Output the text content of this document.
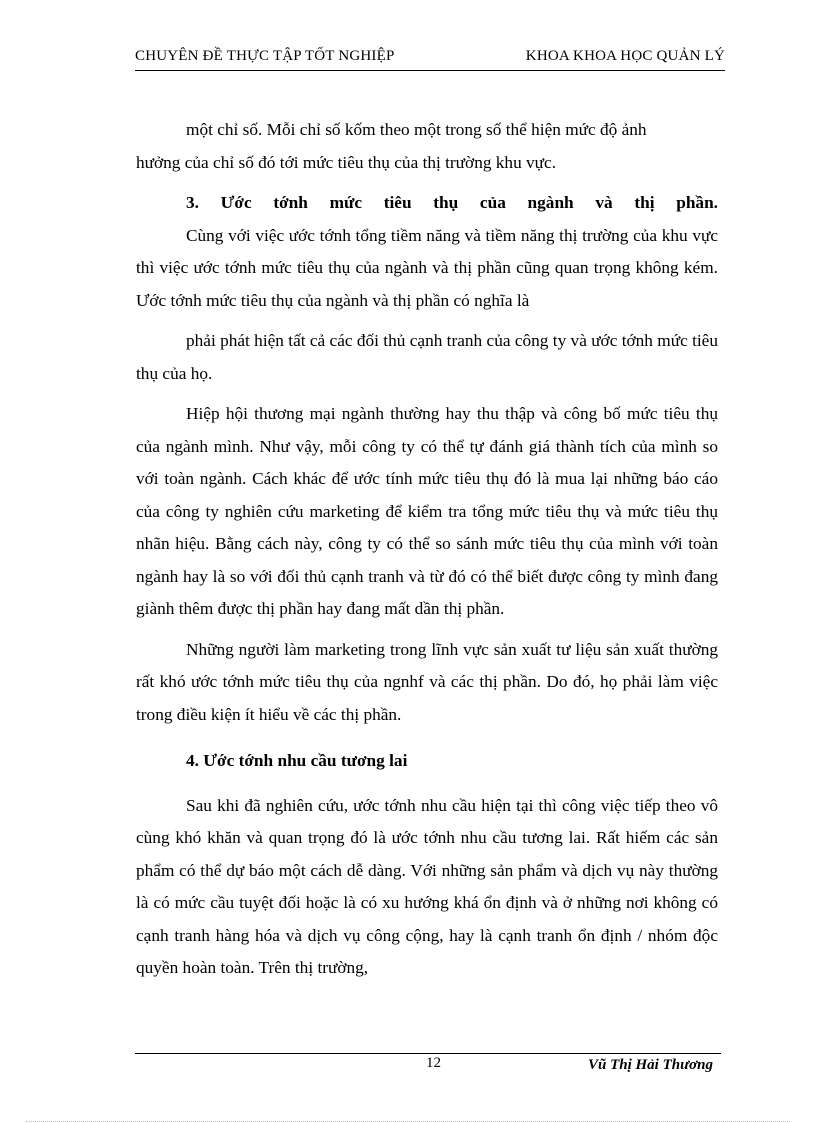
CHUYÊN ĐỀ THỰC TẬP TỐT NGHIỆP	KHOA KHOA HỌC QUẢN LÝ

một chỉ số. Mỗi chỉ số kốm theo một trong số thể hiện mức độ ảnh

hưởng của chỉ số đó tới mức tiêu thụ của thị trường khu vực.

3. Ước tớnh mức tiêu thụ của ngành và thị phần.

Cùng với việc ước tớnh tổng tiềm năng và tiềm năng thị trường của khu vực thì việc ước tớnh mức tiêu thụ của ngành và thị phần cũng quan trọng không kém. Ước tớnh mức tiêu thụ của ngành và thị phần có nghĩa là

phải phát hiện tất cả các đối thủ cạnh tranh của công ty và ước tớnh mức tiêu thụ của họ.

Hiệp hội thương mại ngành thường hay thu thập và công bố mức tiêu thụ của ngành mình. Như vậy, mỗi công ty có thể tự đánh giá thành tích của mình so với toàn ngành. Cách khác để ước tính mức tiêu thụ đó là mua lại những báo cáo của công ty nghiên cứu marketing để kiểm tra tổng mức tiêu thụ và mức tiêu thụ nhãn hiệu. Bằng cách này, công ty có thể so sánh mức tiêu thụ của mình với toàn ngành hay là so với đối thủ cạnh tranh và từ đó có thể biết được công ty mình đang giành thêm được thị phần hay đang mất dần thị phần.

Những người làm marketing trong lĩnh vực sản xuất tư liệu sản xuất thường rất khó ước tớnh mức tiêu thụ của ngnhf và các thị phần. Do đó, họ phải làm việc trong điều kiện ít hiểu về các thị phần.

4. Ước tớnh nhu cầu tương lai

Sau khi đã nghiên cứu, ước tớnh nhu cầu hiện tại thì công việc tiếp theo vô cùng khó khăn và quan trọng đó là ước tớnh nhu cầu tương lai. Rất hiếm các sản phẩm có thể dự báo một cách dễ dàng. Với những sản phẩm và dịch vụ này thường là có mức cầu tuyệt đối hoặc là có xu hướng khá ổn định và ở những nơi không có cạnh tranh hàng hóa và dịch vụ công cộng, hay là cạnh tranh ổn định / nhóm độc quyền hoàn toàn. Trên thị trường,

12	Vũ Thị Hải Thương
